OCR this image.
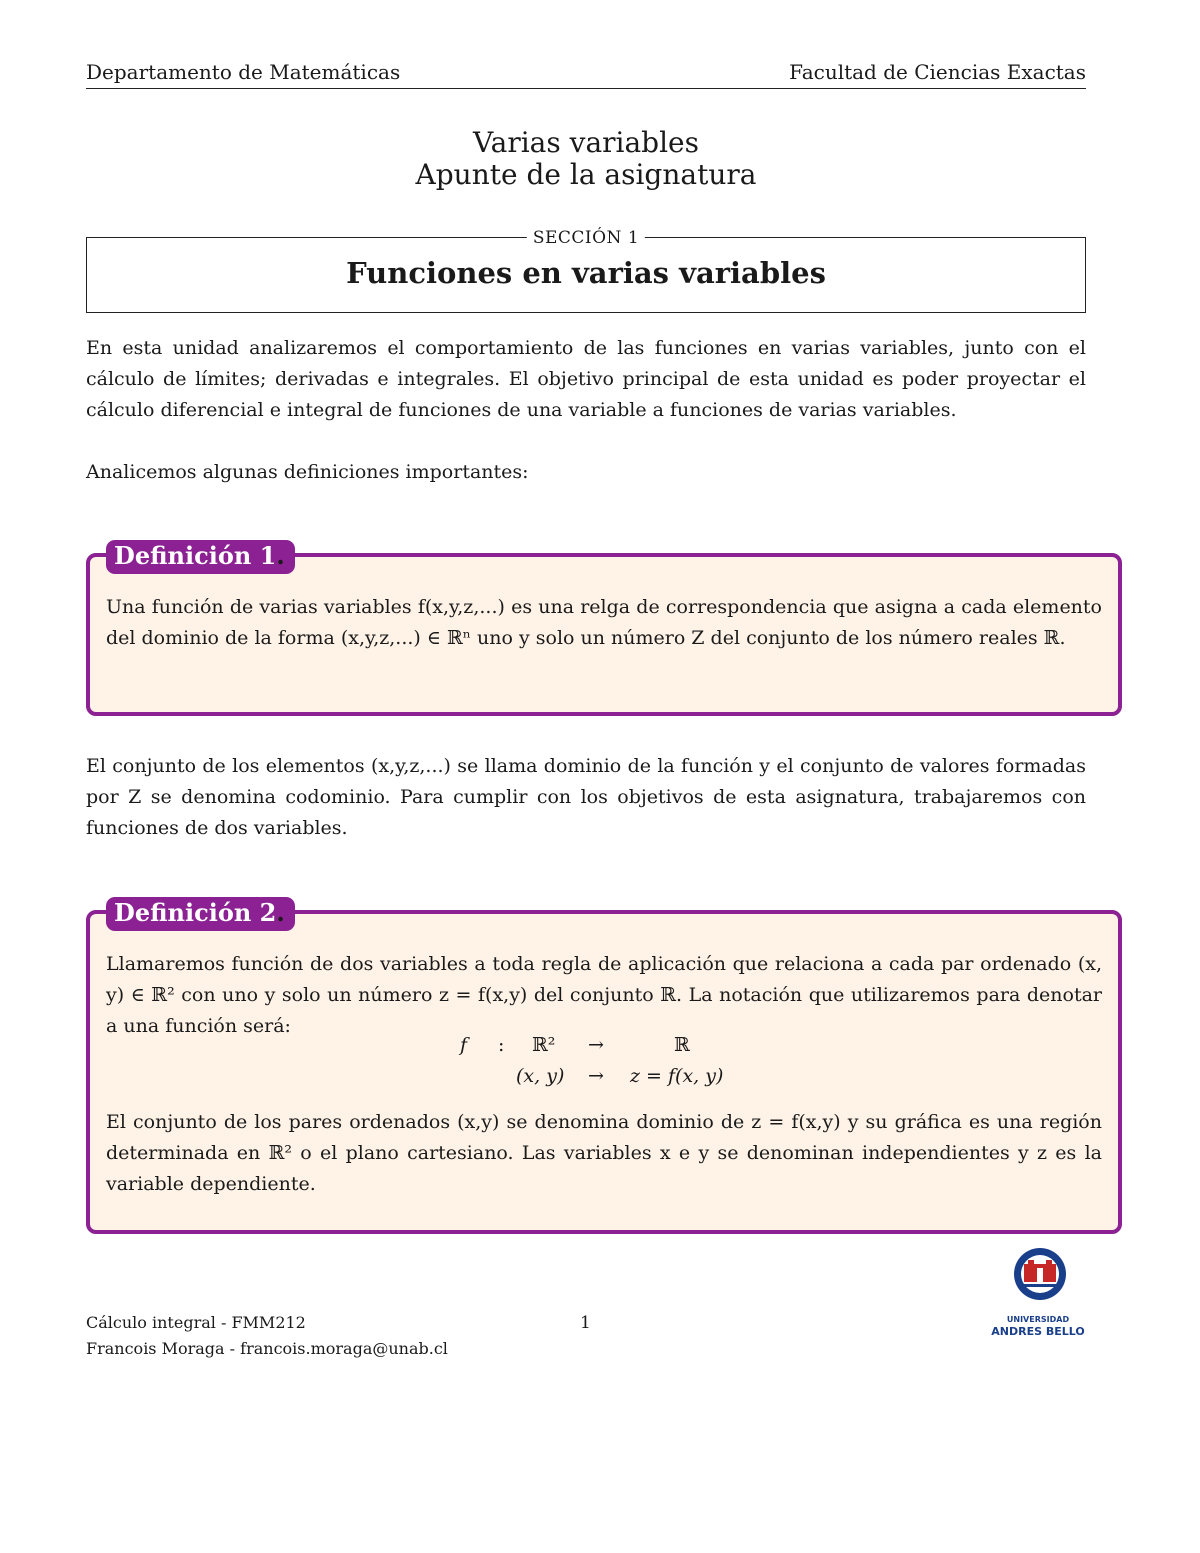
Departamento de Matemáticas	Facultad de Ciencias Exactas
Varias variables
Apunte de la asignatura
SECCIÓN 1
Funciones en varias variables
En esta unidad analizaremos el comportamiento de las funciones en varias variables, junto con el cálculo de límites; derivadas e integrales. El objetivo principal de esta unidad es poder proyectar el cálculo diferencial e integral de funciones de una variable a funciones de varias variables.
Analicemos algunas definiciones importantes:
Definición 1.
Una función de varias variables f(x,y,z,...) es una relga de correspondencia que asigna a cada elemento del dominio de la forma (x,y,z,...) ∈ ℝⁿ uno y solo un número Z del conjunto de los número reales ℝ.
El conjunto de los elementos (x,y,z,...) se llama dominio de la función y el conjunto de valores formadas por Z se denomina codominio. Para cumplir con los objetivos de esta asignatura, trabajaremos con funciones de dos variables.
Definición 2.
Llamaremos función de dos variables a toda regla de aplicación que relaciona a cada par ordenado (x, y) ∈ ℝ² con uno y solo un número z = f(x,y) del conjunto ℝ. La notación que utilizaremos para denotar a una función será:
f : ℝ² →	ℝ
(x, y) → z = f(x, y)
El conjunto de los pares ordenados (x,y) se denomina dominio de z = f(x,y) y su gráfica es una región determinada en ℝ² o el plano cartesiano. Las variables x e y se denominan independientes y z es la variable dependiente.
UNIVERSIDAD
ANDRES BELLO
Cálculo integral - FMM212
Francois Moraga - francois.moraga@unab.cl
1
